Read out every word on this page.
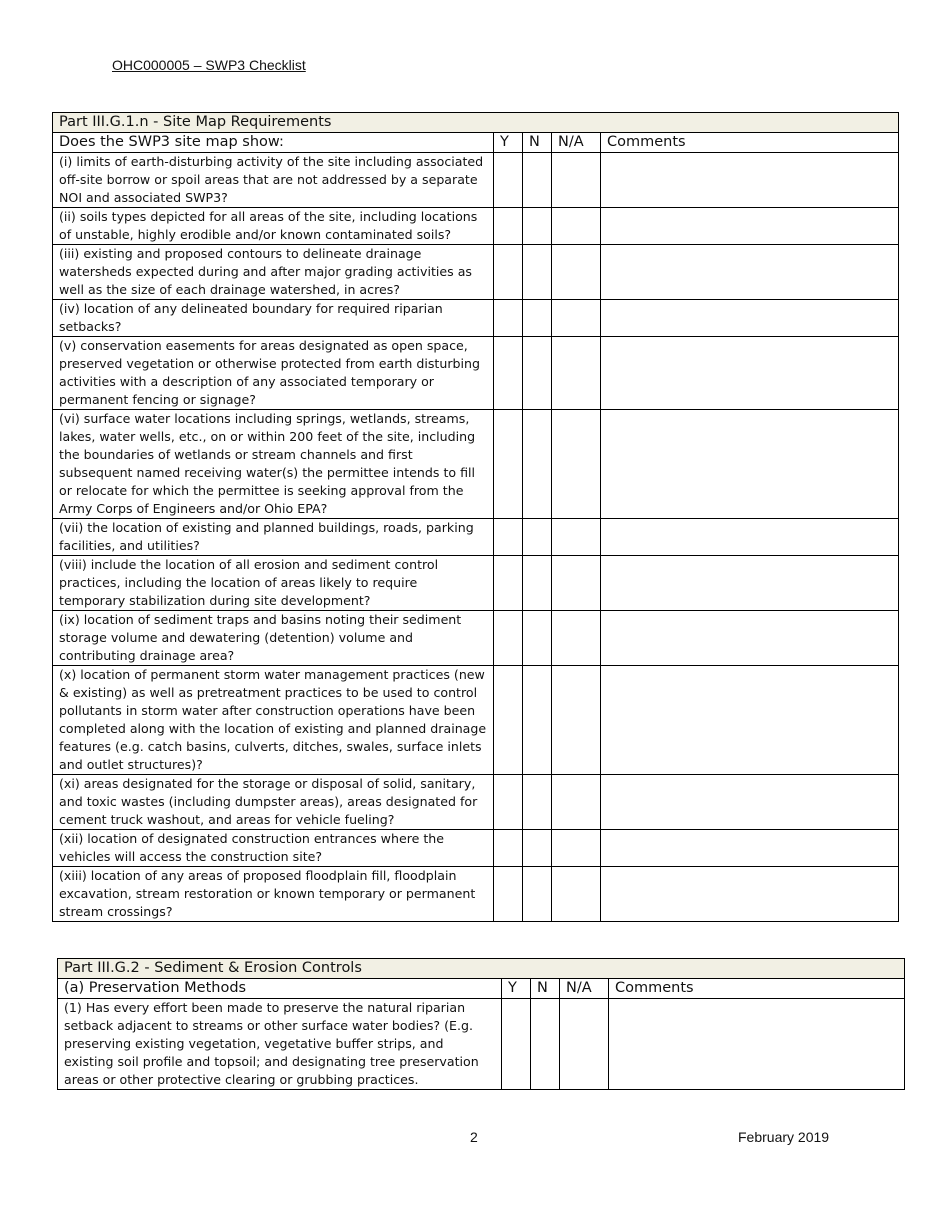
OHC000005 – SWP3 Checklist
Part III.G.1.n - Site Map Requirements				
Does the SWP3 site map show:	Y	N	N/A	Comments
(i) limits of earth-disturbing activity of the site including associated off-site borrow or spoil areas that are not addressed by a separate NOI and associated SWP3?				
(ii) soils types depicted for all areas of the site, including locations of unstable, highly erodible and/or known contaminated soils?				
(iii) existing and proposed contours to delineate drainage watersheds expected during and after major grading activities as well as the size of each drainage watershed, in acres?				
(iv) location of any delineated boundary for required riparian setbacks?				
(v) conservation easements for areas designated as open space, preserved vegetation or otherwise protected from earth disturbing activities with a description of any associated temporary or permanent fencing or signage?				
(vi) surface water locations including springs, wetlands, streams, lakes, water wells, etc., on or within 200 feet of the site, including the boundaries of wetlands or stream channels and first subsequent named receiving water(s) the permittee intends to fill or relocate for which the permittee is seeking approval from the Army Corps of Engineers and/or Ohio EPA?				
(vii) the location of existing and planned buildings, roads, parking facilities, and utilities?				
(viii) include the location of all erosion and sediment control practices, including the location of areas likely to require temporary stabilization during site development?				
(ix) location of sediment traps and basins noting their sediment storage volume and dewatering (detention) volume and contributing drainage area?				
(x) location of permanent storm water management practices (new & existing) as well as pretreatment practices to be used to control pollutants in storm water after construction operations have been completed along with the location of existing and planned drainage features (e.g. catch basins, culverts, ditches, swales, surface inlets and outlet structures)?				
(xi) areas designated for the storage or disposal of solid, sanitary, and toxic wastes (including dumpster areas), areas designated for cement truck washout, and areas for vehicle fueling?				
(xii) location of designated construction entrances where the vehicles will access the construction site?				
(xiii) location of any areas of proposed floodplain fill, floodplain excavation, stream restoration or known temporary or permanent stream crossings?				
Part III.G.2 - Sediment & Erosion Controls				
(a) Preservation Methods	Y	N	N/A	Comments
(1) Has every effort been made to preserve the natural riparian setback adjacent to streams or other surface water bodies? (E.g. preserving existing vegetation, vegetative buffer strips, and existing soil profile and topsoil; and designating tree preservation areas or other protective clearing or grubbing practices.				
2	February 2019
